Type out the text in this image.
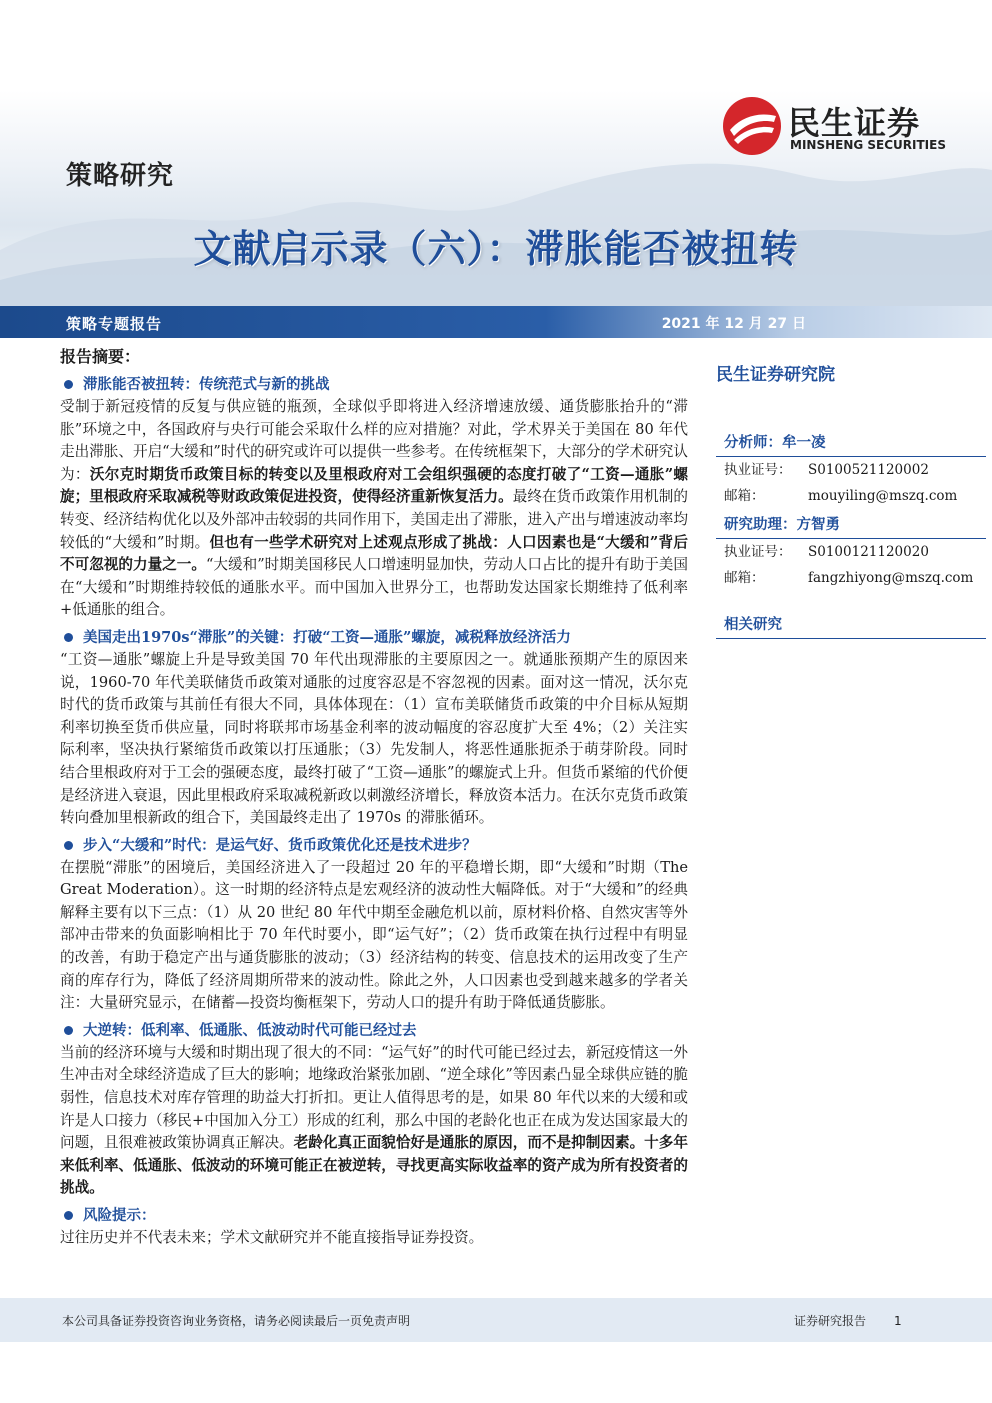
民生证券
MINSHENG SECURITIES
策略研究
文献启示录（六）：滞胀能否被扭转
策略专题报告	2021 年 12 月 27 日
报告摘要：
滞胀能否被扭转：传统范式与新的挑战

受制于新冠疫情的反复与供应链的瓶颈，全球似乎即将进入经济增速放缓、通货膨胀抬升的“滞胀”环境之中，各国政府与央行可能会采取什么样的应对措施？对此，学术界关于美国在 80 年代走出滞胀、开启“大缓和”时代的研究或许可以提供一些参考。在传统框架下，大部分的学术研究认为：沃尔克时期货币政策目标的转变以及里根政府对工会组织强硬的态度打破了“工资—通胀”螺旋；里根政府采取减税等财政政策促进投资，使得经济重新恢复活力。最终在货币政策作用机制的转变、经济结构优化以及外部冲击较弱的共同作用下，美国走出了滞胀，进入产出与增速波动率均较低的“大缓和”时期。但也有一些学术研究对上述观点形成了挑战：人口因素也是“大缓和”背后不可忽视的力量之一。“大缓和”时期美国移民人口增速明显加快，劳动人口占比的提升有助于美国在“大缓和”时期维持较低的通胀水平。而中国加入世界分工，也帮助发达国家长期维持了低利率+低通胀的组合。

美国走出1970s“滞胀”的关键：打破“工资—通胀”螺旋，减税释放经济活力

“工资—通胀”螺旋上升是导致美国 70 年代出现滞胀的主要原因之一。就通胀预期产生的原因来说，1960-70 年代美联储货币政策对通胀的过度容忍是不容忽视的因素。面对这一情况，沃尔克时代的货币政策与其前任有很大不同，具体体现在：（1）宣布美联储货币政策的中介目标从短期利率切换至货币供应量，同时将联邦市场基金利率的波动幅度的容忍度扩大至 4%；（2）关注实际利率，坚决执行紧缩货币政策以打压通胀；（3）先发制人，将恶性通胀扼杀于萌芽阶段。同时结合里根政府对于工会的强硬态度，最终打破了“工资—通胀”的螺旋式上升。但货币紧缩的代价便是经济进入衰退，因此里根政府采取减税新政以刺激经济增长，释放资本活力。在沃尔克货币政策转向叠加里根新政的组合下，美国最终走出了 1970s 的滞胀循环。

步入“大缓和”时代：是运气好、货币政策优化还是技术进步？

在摆脱“滞胀”的困境后，美国经济进入了一段超过 20 年的平稳增长期，即“大缓和”时期（The Great Moderation）。这一时期的经济特点是宏观经济的波动性大幅降低。对于“大缓和”的经典解释主要有以下三点：（1）从 20 世纪 80 年代中期至金融危机以前，原材料价格、自然灾害等外部冲击带来的负面影响相比于 70 年代时要小，即“运气好”；（2）货币政策在执行过程中有明显的改善，有助于稳定产出与通货膨胀的波动；（3）经济结构的转变、信息技术的运用改变了生产商的库存行为，降低了经济周期所带来的波动性。除此之外，人口因素也受到越来越多的学者关注：大量研究显示，在储蓄—投资均衡框架下，劳动人口的提升有助于降低通货膨胀。

大逆转：低利率、低通胀、低波动时代可能已经过去

当前的经济环境与大缓和时期出现了很大的不同：“运气好”的时代可能已经过去，新冠疫情这一外生冲击对全球经济造成了巨大的影响；地缘政治紧张加剧、“逆全球化”等因素凸显全球供应链的脆弱性，信息技术对库存管理的助益大打折扣。更让人值得思考的是，如果 80 年代以来的大缓和或许是人口接力（移民+中国加入分工）形成的红利，那么中国的老龄化也正在成为发达国家最大的问题，且很难被政策协调真正解决。老龄化真正面貌恰好是通胀的原因，而不是抑制因素。十多年来低利率、低通胀、低波动的环境可能正在被逆转，寻找更高实际收益率的资产成为所有投资者的挑战。

风险提示：

过往历史并不代表未来；学术文献研究并不能直接指导证券投资。

民生证券研究院
分析师：牟一凌
执业证号： S0100521120002
邮箱：	mouyiling@mszq.com
研究助理：方智勇
执业证号： S0100121120020
邮箱：	fangzhiyong@mszq.com
相关研究
本公司具备证券投资咨询业务资格，请务必阅读最后一页免责声明	证券研究报告 1
